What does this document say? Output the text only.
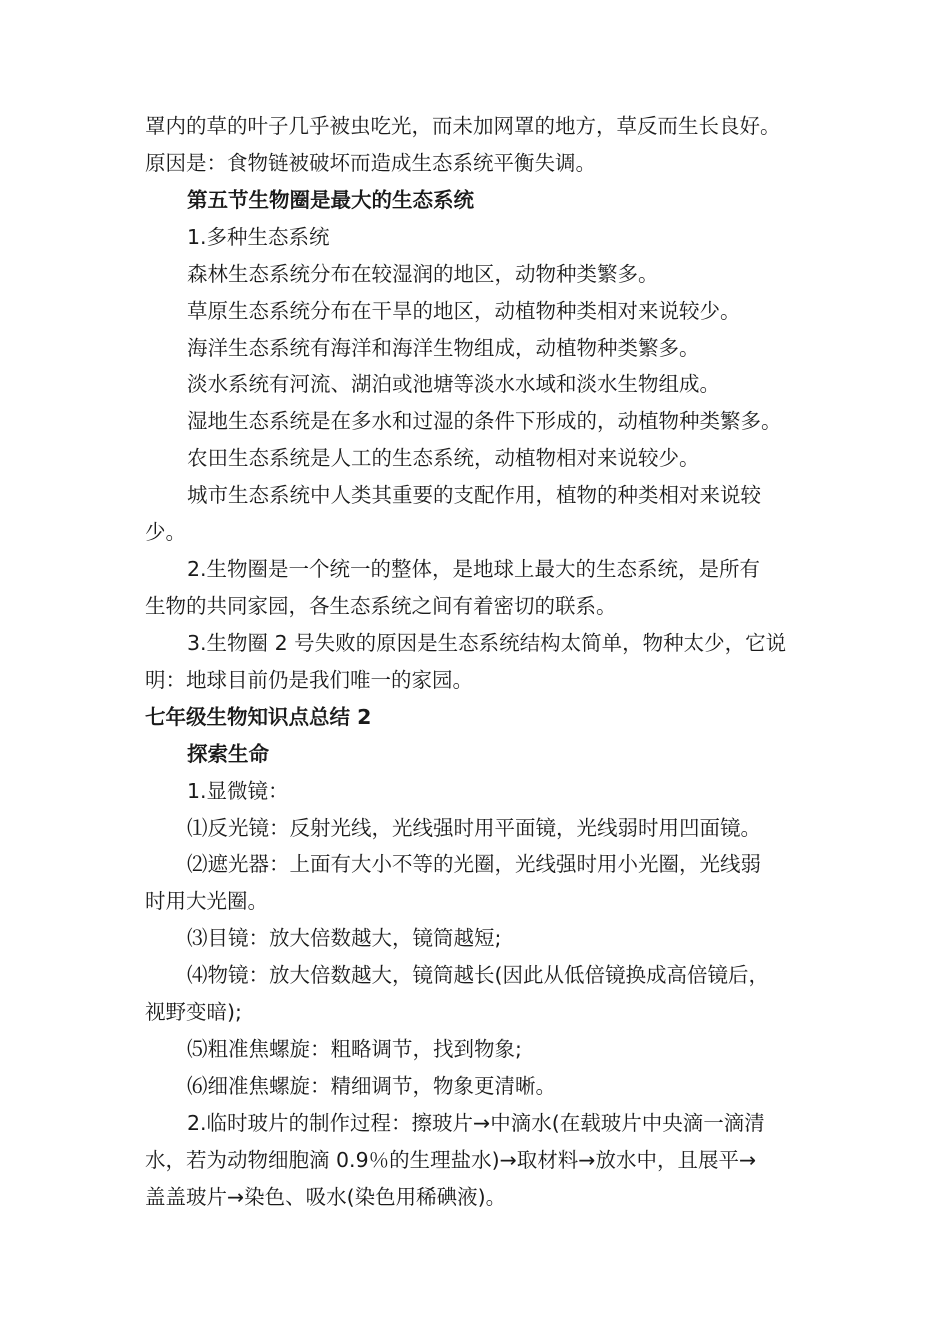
罩内的草的叶子几乎被虫吃光，而未加网罩的地方，草反而生长良好。
原因是：食物链被破坏而造成生态系统平衡失调。
第五节生物圈是最大的生态系统
1.多种生态系统
森林生态系统分布在较湿润的地区，动物种类繁多。
草原生态系统分布在干旱的地区，动植物种类相对来说较少。
海洋生态系统有海洋和海洋生物组成，动植物种类繁多。
淡水系统有河流、湖泊或池塘等淡水水域和淡水生物组成。
湿地生态系统是在多水和过湿的条件下形成的，动植物种类繁多。
农田生态系统是人工的生态系统，动植物相对来说较少。
城市生态系统中人类其重要的支配作用，植物的种类相对来说较
少。
2.生物圈是一个统一的整体，是地球上最大的生态系统，是所有
生物的共同家园，各生态系统之间有着密切的联系。
3.生物圈 2 号失败的原因是生态系统结构太简单，物种太少，它说
明：地球目前仍是我们唯一的家园。
七年级生物知识点总结 2
探索生命
1.显微镜：
⑴反光镜：反射光线，光线强时用平面镜，光线弱时用凹面镜。
⑵遮光器：上面有大小不等的光圈，光线强时用小光圈，光线弱
时用大光圈。
⑶目镜：放大倍数越大，镜筒越短;
⑷物镜：放大倍数越大，镜筒越长(因此从低倍镜换成高倍镜后，
视野变暗);
⑸粗准焦螺旋：粗略调节，找到物象;
⑹细准焦螺旋：精细调节，物象更清晰。
2.临时玻片的制作过程：擦玻片→中滴水(在载玻片中央滴一滴清
水，若为动物细胞滴 0.9％的生理盐水)→取材料→放水中，且展平→
盖盖玻片→染色、吸水(染色用稀碘液)。
